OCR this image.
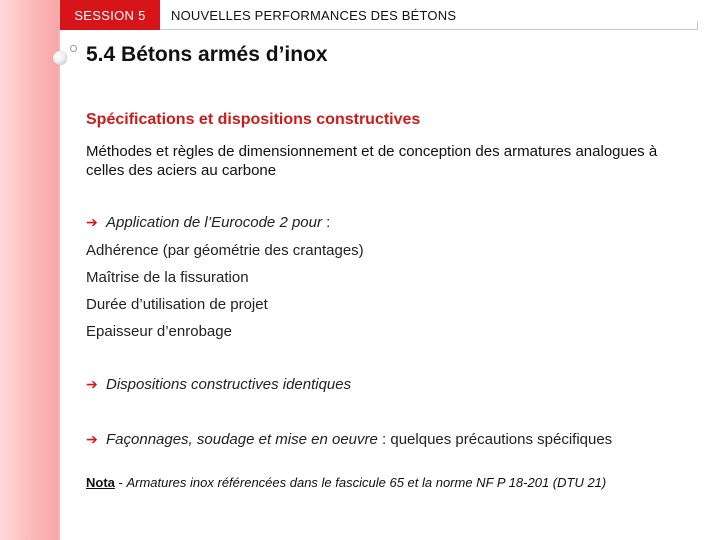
SESSION 5 NOUVELLES PERFORMANCES DES BÉTONS
5.4 Bétons armés d’inox
Spécifications et dispositions constructives
Méthodes et règles de dimensionnement et de conception des armatures analogues à celles des aciers au carbone
➔ Application de l’Eurocode 2 pour :
Adhérence (par géométrie des crantages)
Maîtrise de la fissuration
Durée d’utilisation de projet
Epaisseur d’enrobage
➔ Dispositions constructives identiques
➔ Façonnages, soudage et mise en oeuvre : quelques précautions spécifiques
Nota - Armatures inox référencées dans le fascicule 65 et la norme NF P 18-201 (DTU 21)
